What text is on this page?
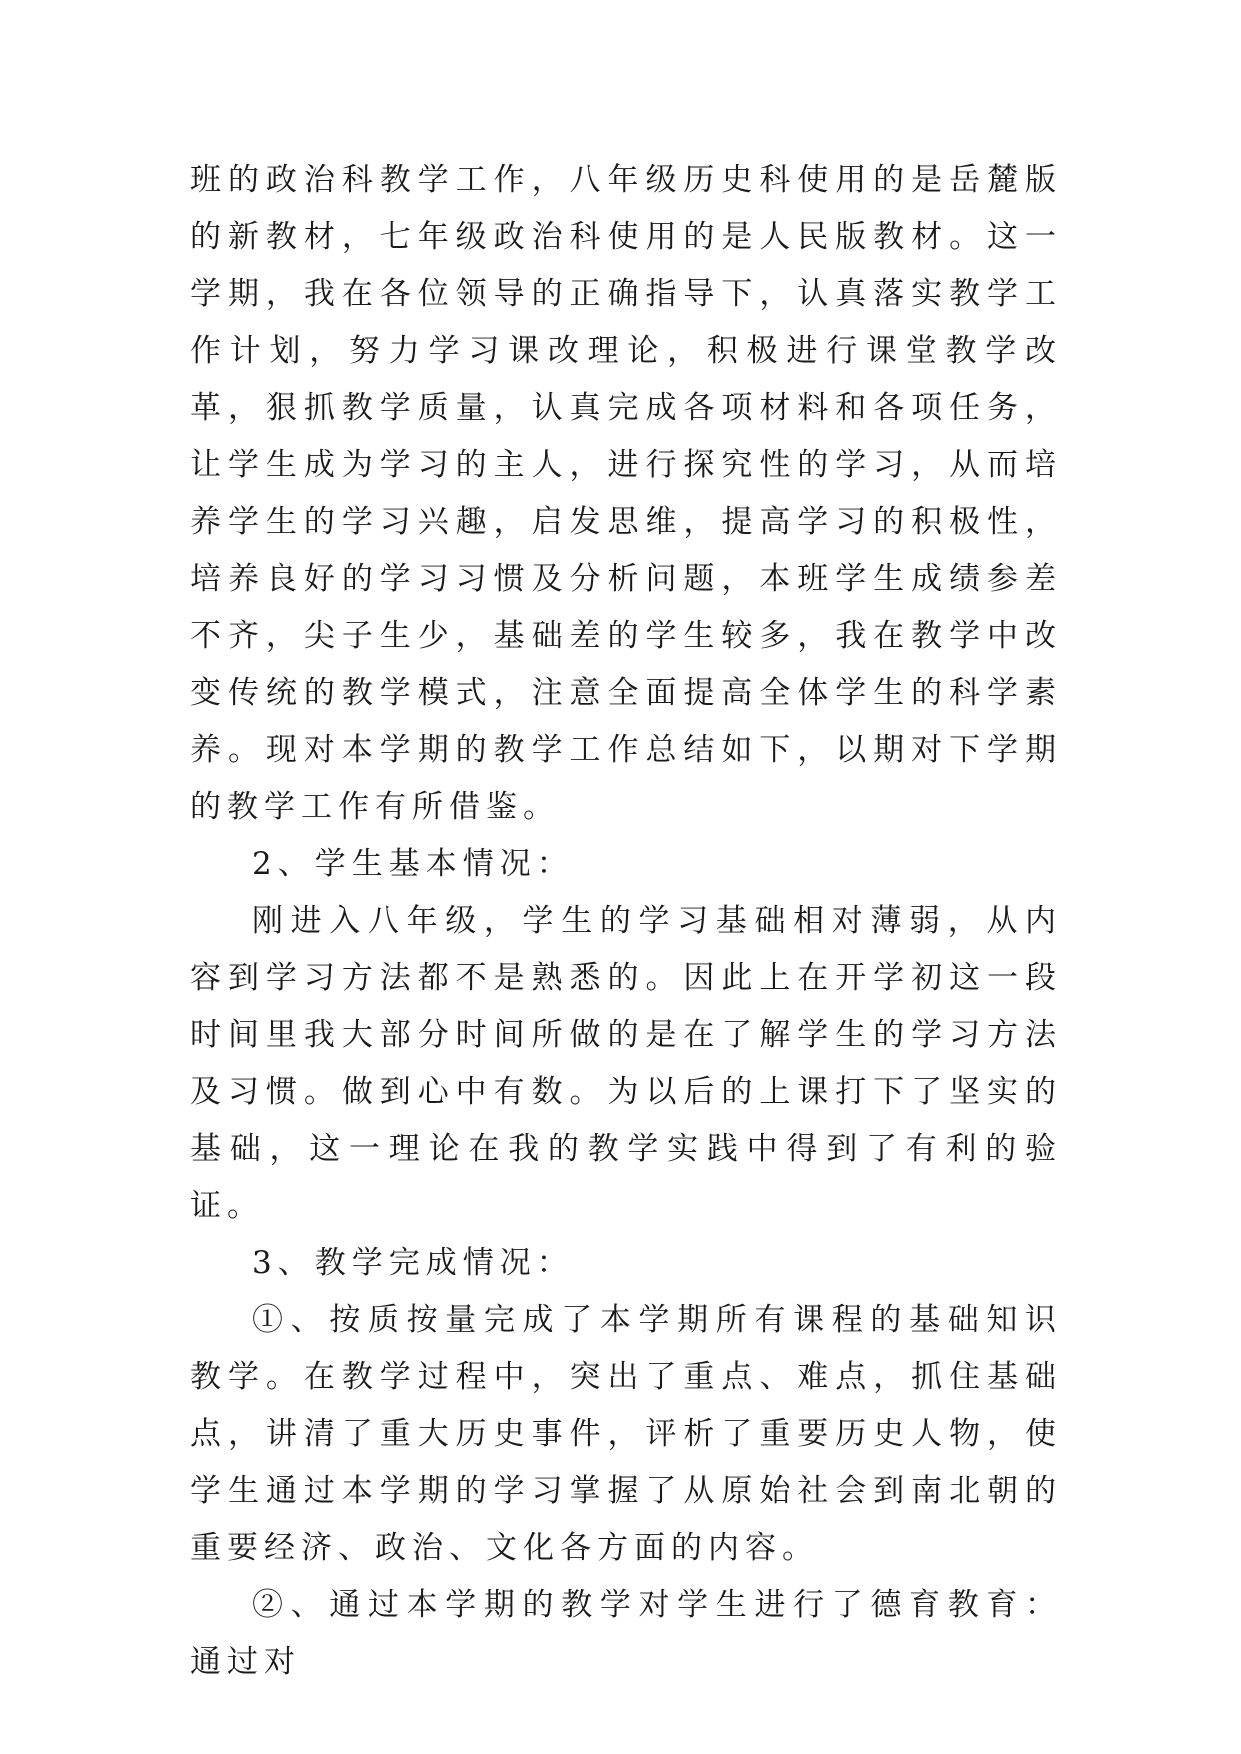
班的政治科教学工作，八年级历史科使用的是岳麓版的新教材，七年级政治科使用的是人民版教材。这一学期，我在各位领导的正确指导下，认真落实教学工作计划，努力学习课改理论，积极进行课堂教学改革，狠抓教学质量，认真完成各项材料和各项任务，让学生成为学习的主人，进行探究性的学习，从而培养学生的学习兴趣，启发思维，提高学习的积极性，培养良好的学习习惯及分析问题，本班学生成绩参差不齐，尖子生少，基础差的学生较多，我在教学中改变传统的教学模式，注意全面提高全体学生的科学素养。现对本学期的教学工作总结如下，以期对下学期的教学工作有所借鉴。

2、学生基本情况：

刚进入八年级，学生的学习基础相对薄弱，从内容到学习方法都不是熟悉的。因此上在开学初这一段时间里我大部分时间所做的是在了解学生的学习方法及习惯。做到心中有数。为以后的上课打下了坚实的基础，这一理论在我的教学实践中得到了有利的验证。

3、教学完成情况：

①、按质按量完成了本学期所有课程的基础知识教学。在教学过程中，突出了重点、难点，抓住基础点，讲清了重大历史事件，评析了重要历史人物，使学生通过本学期的学习掌握了从原始社会到南北朝的重要经济、政治、文化各方面的内容。

②、通过本学期的教学对学生进行了德育教育：通过对
